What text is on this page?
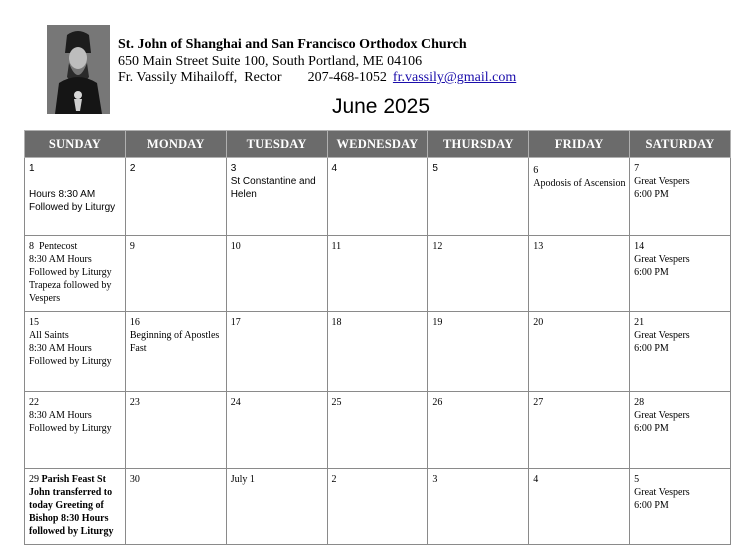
St. John of Shanghai and San Francisco Orthodox Church
650 Main Street Suite 100, South Portland, ME 04106
Fr. Vassily Mihailoff,  Rector 207-468-1052 fr.vassily@gmail.com
June 2025
SUNDAY	MONDAY	TUESDAY	WEDNESDAY	THURSDAY	FRIDAY	SATURDAY

1
Hours 8:30 AM
Followed by Liturgy	2	3
St Constantine and Helen	4	5	6
Apodosis of Ascension	7
Great Vespers
6:00 PM

8 Pentecost
8:30 AM Hours
Followed by Liturgy
Trapeza followed by Vespers	9	10	11	12	13	14
Great Vespers
6:00 PM

15
All Saints
8:30 AM Hours
Followed by Liturgy	16
Beginning of Apostles Fast	17	18	19	20	21
Great Vespers
6:00 PM

22
8:30 AM Hours
Followed by Liturgy	23	24	25	26	27	28
Great Vespers
6:00 PM

29 Parish Feast St John transferred to today Greeting of Bishop 8:30 Hours followed by Liturgy	30	July 1	2	3	4	5
Great Vespers
6:00 PM
